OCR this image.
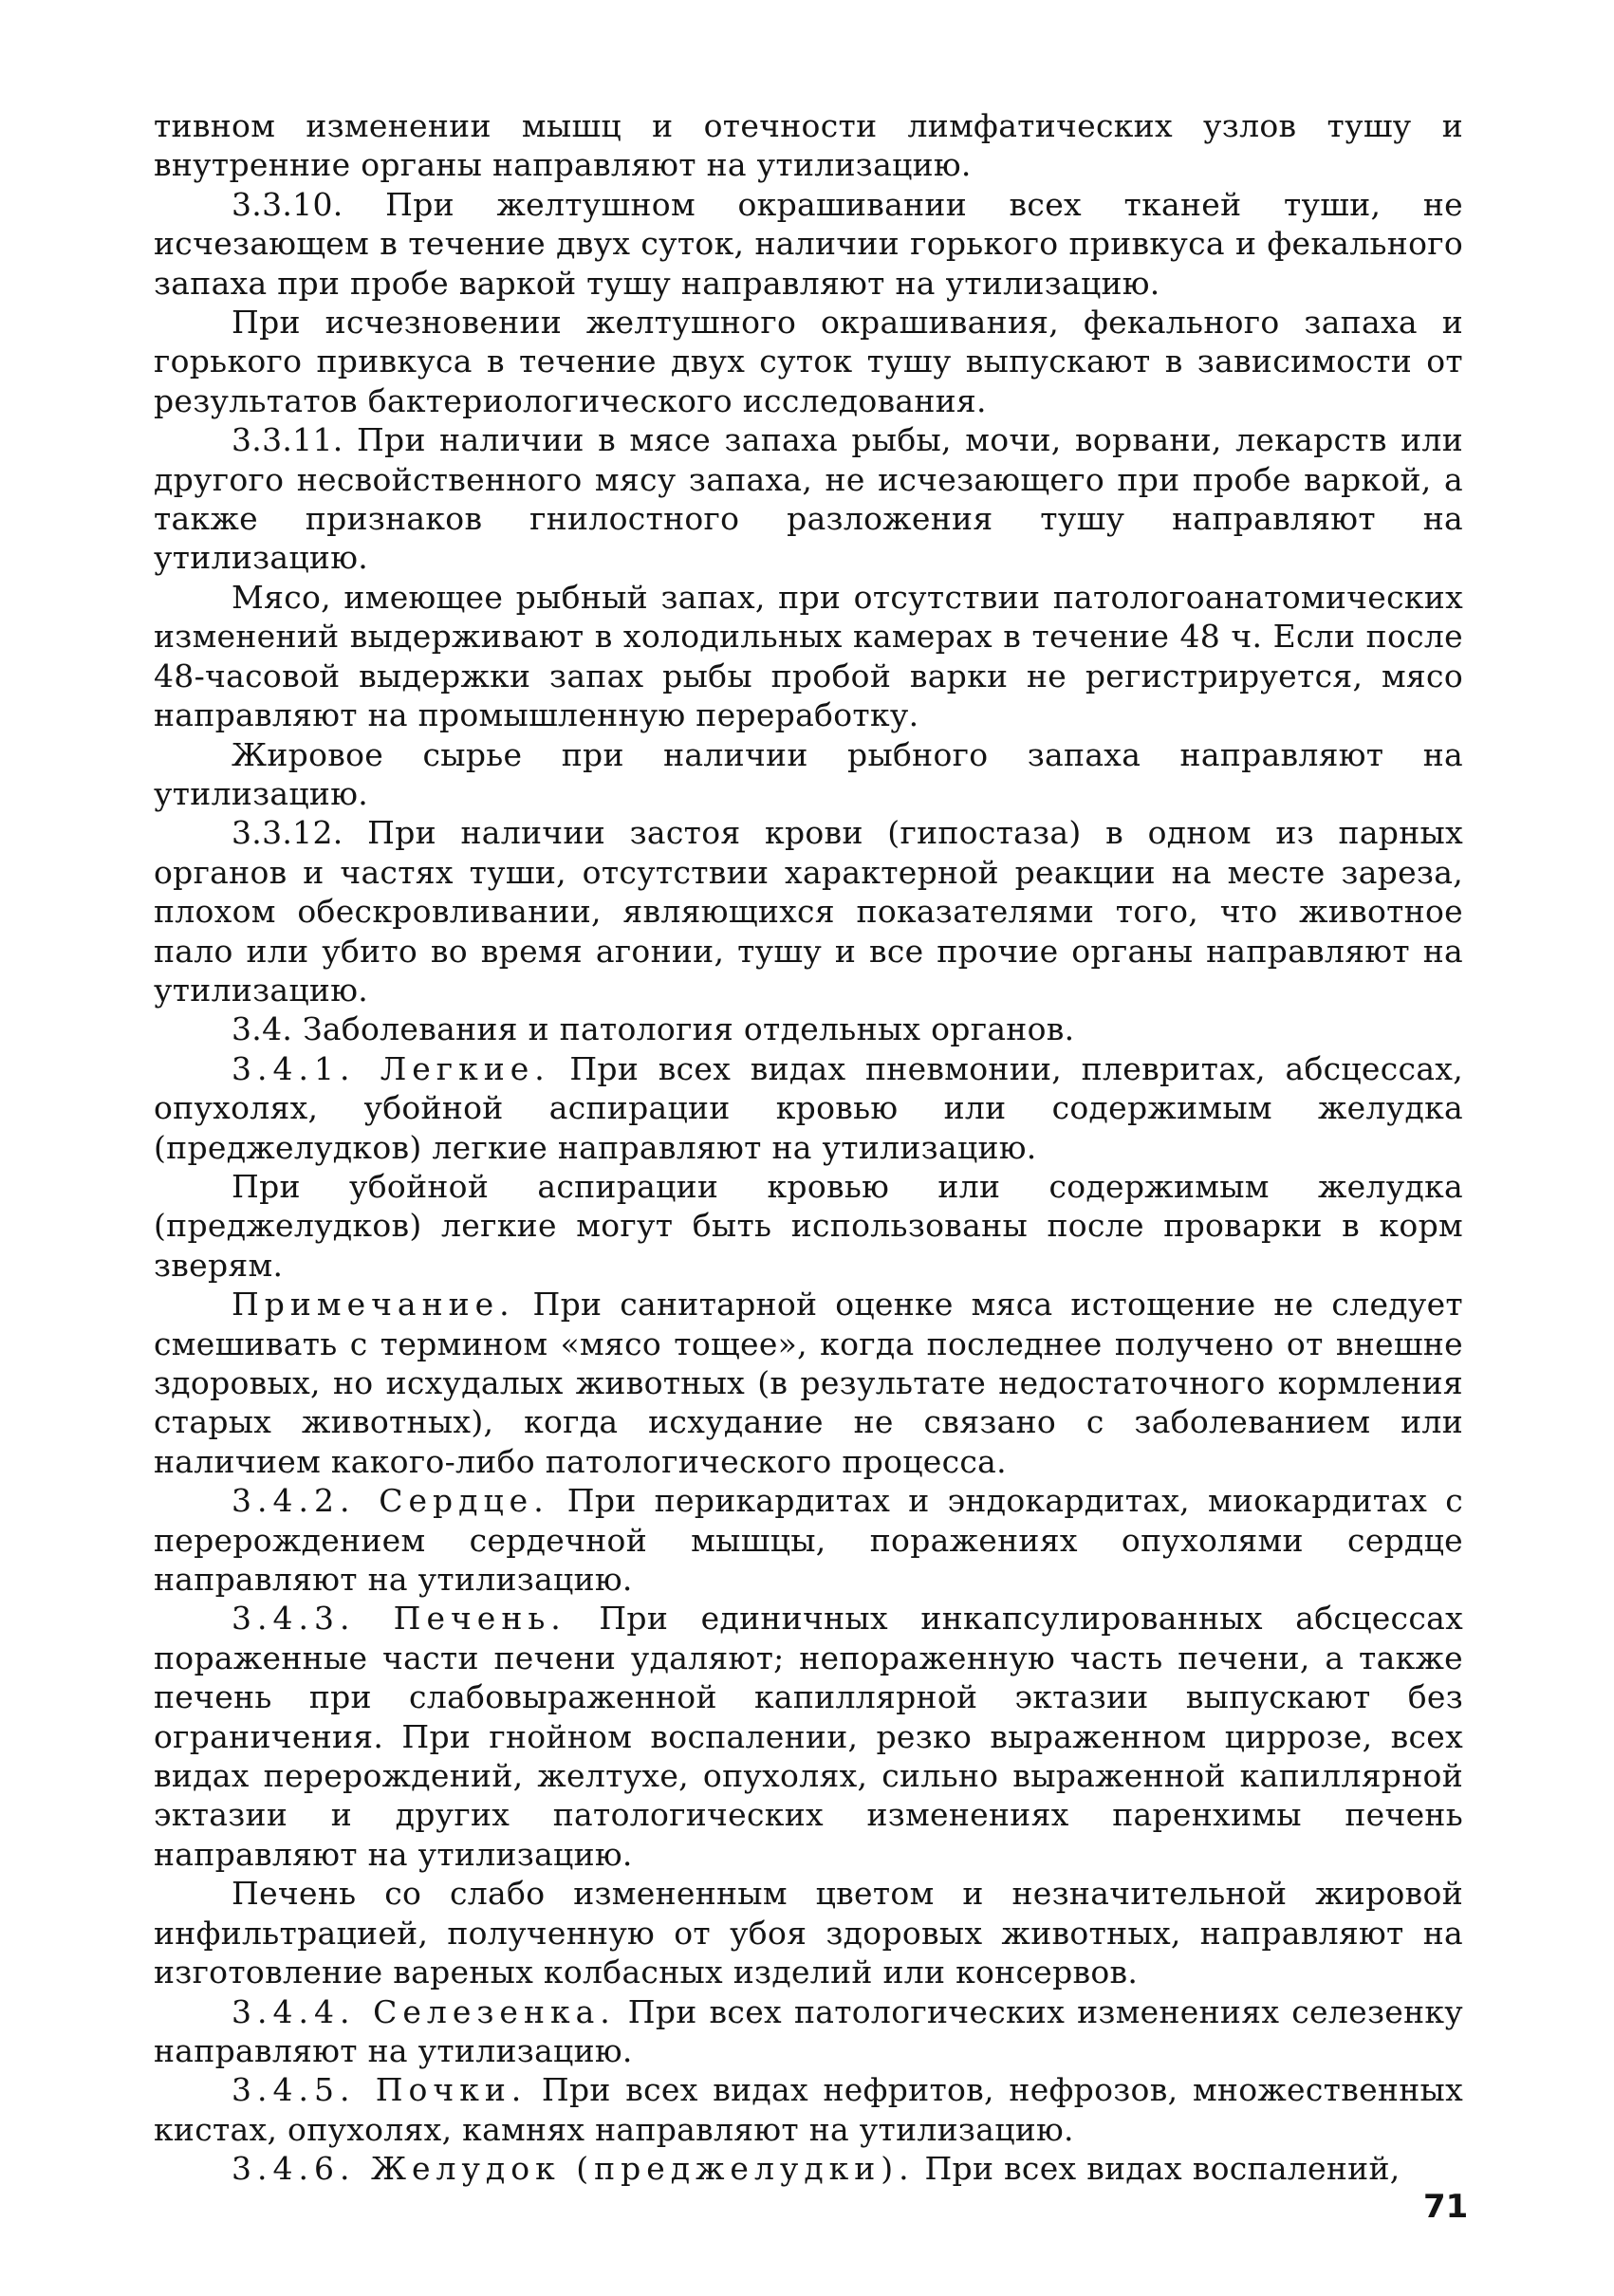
тивном изменении мышц и отечности лимфатических узлов тушу и внутренние органы направляют на утилизацию.

3.3.10. При желтушном окрашивании всех тканей туши, не исчезающем в течение двух суток, наличии горького привкуса и фекального запаха при пробе варкой тушу направляют на утилизацию.

При исчезновении желтушного окрашивания, фекального запаха и горького привкуса в течение двух суток тушу выпускают в зависимости от результатов бактериологического исследования.

3.3.11. При наличии в мясе запаха рыбы, мочи, ворвани, лекарств или другого несвойственного мясу запаха, не исчезающего при пробе варкой, а также признаков гнилостного разложения тушу направляют на утилизацию.

Мясо, имеющее рыбный запах, при отсутствии патологоанатомических изменений выдерживают в холодильных камерах в течение 48 ч. Если после 48-часовой выдержки запах рыбы пробой варки не регистрируется, мясо направляют на промышленную переработку.

Жировое сырье при наличии рыбного запаха направляют на утилизацию.

3.3.12. При наличии застоя крови (гипостаза) в одном из парных органов и частях туши, отсутствии характерной реакции на месте зареза, плохом обескровливании, являющихся показателями того, что животное пало или убито во время агонии, тушу и все прочие органы направляют на утилизацию.

3.4. Заболевания и патология отдельных органов.

3.4.1. Легкие. При всех видах пневмонии, плевритах, абсцессах, опухолях, убойной аспирации кровью или содержимым желудка (преджелудков) легкие направляют на утилизацию.

При убойной аспирации кровью или содержимым желудка (преджелудков) легкие могут быть использованы после проварки в корм зверям.

Примечание. При санитарной оценке мяса истощение не следует смешивать с термином «мясо тощее», когда последнее получено от внешне здоровых, но исхудалых животных (в результате недостаточного кормления старых животных), когда исхудание не связано с заболеванием или наличием какого-либо патологического процесса.

3.4.2. Сердце. При перикардитах и эндокардитах, миокардитах с перерождением сердечной мышцы, поражениях опухолями сердце направляют на утилизацию.

3.4.3. Печень. При единичных инкапсулированных абсцессах пораженные части печени удаляют; непораженную часть печени, а также печень при слабовыраженной капиллярной эктазии выпускают без ограничения. При гнойном воспалении, резко выраженном циррозе, всех видах перерождений, желтухе, опухолях, сильно выраженной капиллярной эктазии и других патологических изменениях паренхимы печень направляют на утилизацию.

Печень со слабо измененным цветом и незначительной жировой инфильтрацией, полученную от убоя здоровых животных, направляют на изготовление вареных колбасных изделий или консервов.

3.4.4. Селезенка. При всех патологических изменениях селезенку направляют на утилизацию.

3.4.5. Почки. При всех видах нефритов, нефрозов, множественных кистах, опухолях, камнях направляют на утилизацию.

3.4.6. Желудок (преджелудки). При всех видах воспалений,

71
